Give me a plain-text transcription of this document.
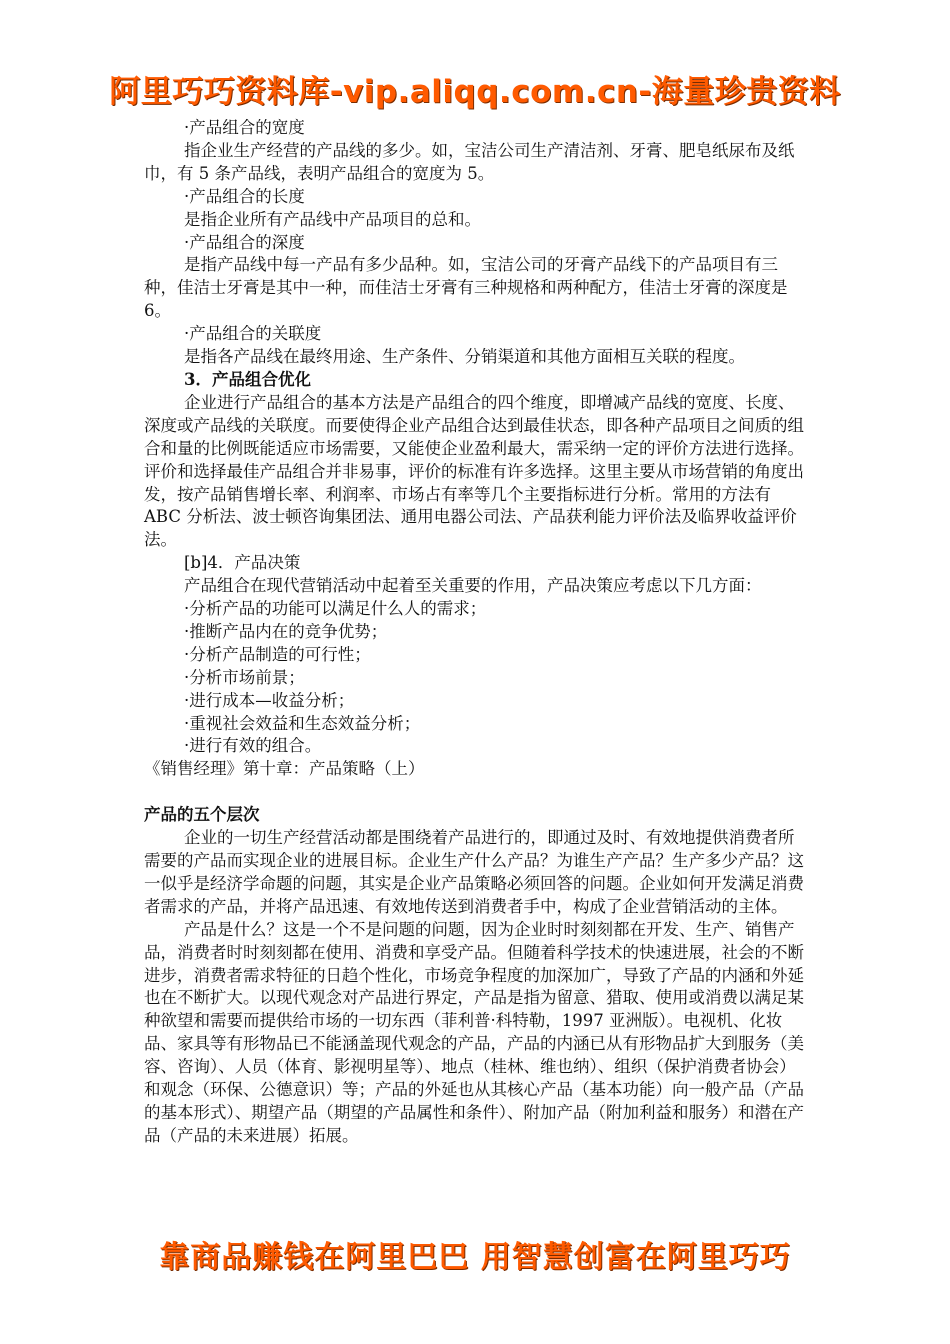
阿里巧巧资料库-vip.aliqq.com.cn-海量珍贵资料

·产品组合的宽度

指企业生产经营的产品线的多少。如，宝洁公司生产清洁剂、牙膏、肥皂纸尿布及纸巾，有 5 条产品线，表明产品组合的宽度为 5。

·产品组合的长度

是指企业所有产品线中产品项目的总和。

·产品组合的深度

是指产品线中每一产品有多少品种。如，宝洁公司的牙膏产品线下的产品项目有三种，佳洁士牙膏是其中一种，而佳洁士牙膏有三种规格和两种配方，佳洁士牙膏的深度是 6。

·产品组合的关联度

是指各产品线在最终用途、生产条件、分销渠道和其他方面相互关联的程度。

3．产品组合优化

企业进行产品组合的基本方法是产品组合的四个维度，即增减产品线的宽度、长度、深度或产品线的关联度。而要使得企业产品组合达到最佳状态，即各种产品项目之间质的组合和量的比例既能适应市场需要，又能使企业盈利最大，需采纳一定的评价方法进行选择。评价和选择最佳产品组合并非易事，评价的标准有许多选择。这里主要从市场营销的角度出发，按产品销售增长率、利润率、市场占有率等几个主要指标进行分析。常用的方法有 ABC 分析法、波士顿咨询集团法、通用电器公司法、产品获利能力评价法及临界收益评价法。

[b]4．产品决策

产品组合在现代营销活动中起着至关重要的作用，产品决策应考虑以下几方面：

·分析产品的功能可以满足什么人的需求；

·推断产品内在的竞争优势；

·分析产品制造的可行性；

·分析市场前景；

·进行成本—收益分析；

·重视社会效益和生态效益分析；

·进行有效的组合。

《销售经理》第十章：产品策略（上）

产品的五个层次

企业的一切生产经营活动都是围绕着产品进行的，即通过及时、有效地提供消费者所需要的产品而实现企业的进展目标。企业生产什么产品？为谁生产产品？生产多少产品？这一似乎是经济学命题的问题，其实是企业产品策略必须回答的问题。企业如何开发满足消费者需求的产品，并将产品迅速、有效地传送到消费者手中，构成了企业营销活动的主体。

产品是什么？这是一个不是问题的问题，因为企业时时刻刻都在开发、生产、销售产品，消费者时时刻刻都在使用、消费和享受产品。但随着科学技术的快速进展，社会的不断进步，消费者需求特征的日趋个性化，市场竞争程度的加深加广，导致了产品的内涵和外延也在不断扩大。以现代观念对产品进行界定，产品是指为留意、猎取、使用或消费以满足某种欲望和需要而提供给市场的一切东西（菲利普·科特勒，1997 亚洲版）。电视机、化妆品、家具等有形物品已不能涵盖现代观念的产品，产品的内涵已从有形物品扩大到服务（美容、咨询）、人员（体育、影视明星等）、地点（桂林、维也纳）、组织（保护消费者协会）和观念（环保、公德意识）等；产品的外延也从其核心产品（基本功能）向一般产品（产品的基本形式）、期望产品（期望的产品属性和条件）、附加产品（附加利益和服务）和潜在产品（产品的未来进展）拓展。

靠商品赚钱在阿里巴巴 用智慧创富在阿里巧巧
